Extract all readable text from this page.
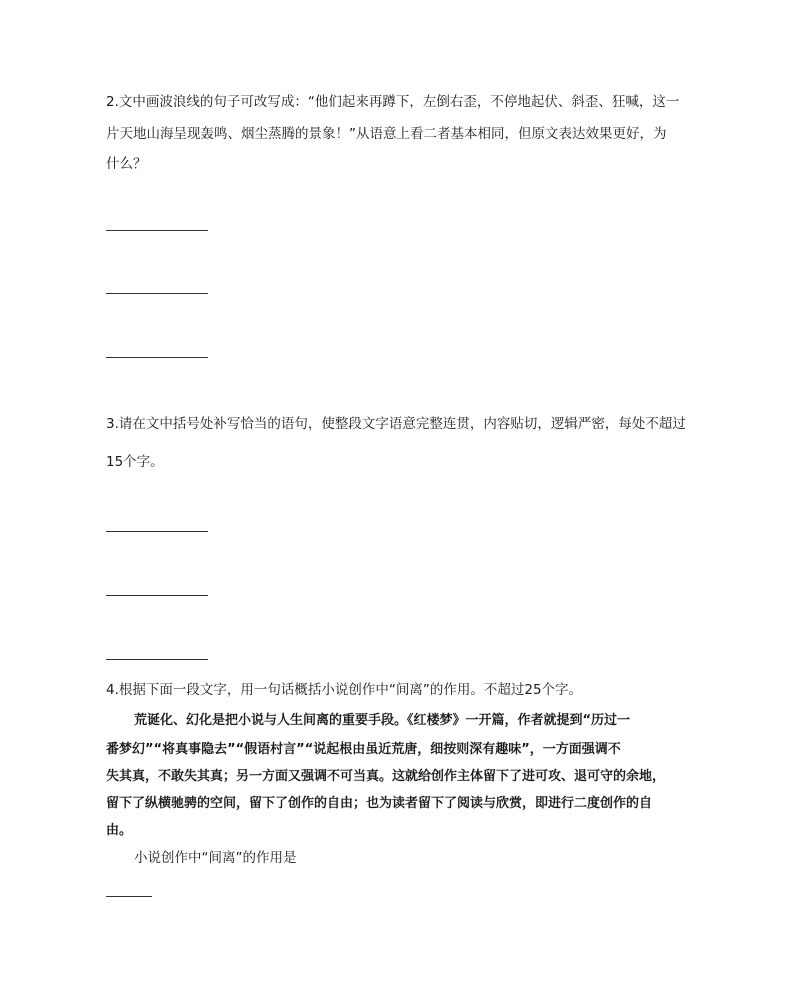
2.文中画波浪线的句子可改写成：“他们起来再蹲下，左倒右歪，不停地起伏、斜歪、狂喊，这一
片天地山海呈现轰鸣、烟尘蒸腾的景象！”从语意上看二者基本相同，但原文表达效果更好，为
什么？
3.请在文中括号处补写恰当的语句，使整段文字语意完整连贯，内容贴切，逻辑严密，每处不超过
15个字。
4.根据下面一段文字，用一句话概括小说创作中“间离”的作用。不超过25个字。
荒诞化、幻化是把小说与人生间离的重要手段。《红楼梦》一开篇，作者就提到“历过一
番梦幻”“将真事隐去”“假语村言”“说起根由虽近荒唐，细按则深有趣味”，一方面强调不
失其真，不敢失其真；另一方面又强调不可当真。这就给创作主体留下了进可攻、退可守的余地，
留下了纵横驰骋的空间，留下了创作的自由；也为读者留下了阅读与欣赏，即进行二度创作的自
由。
小说创作中“间离”的作用是
